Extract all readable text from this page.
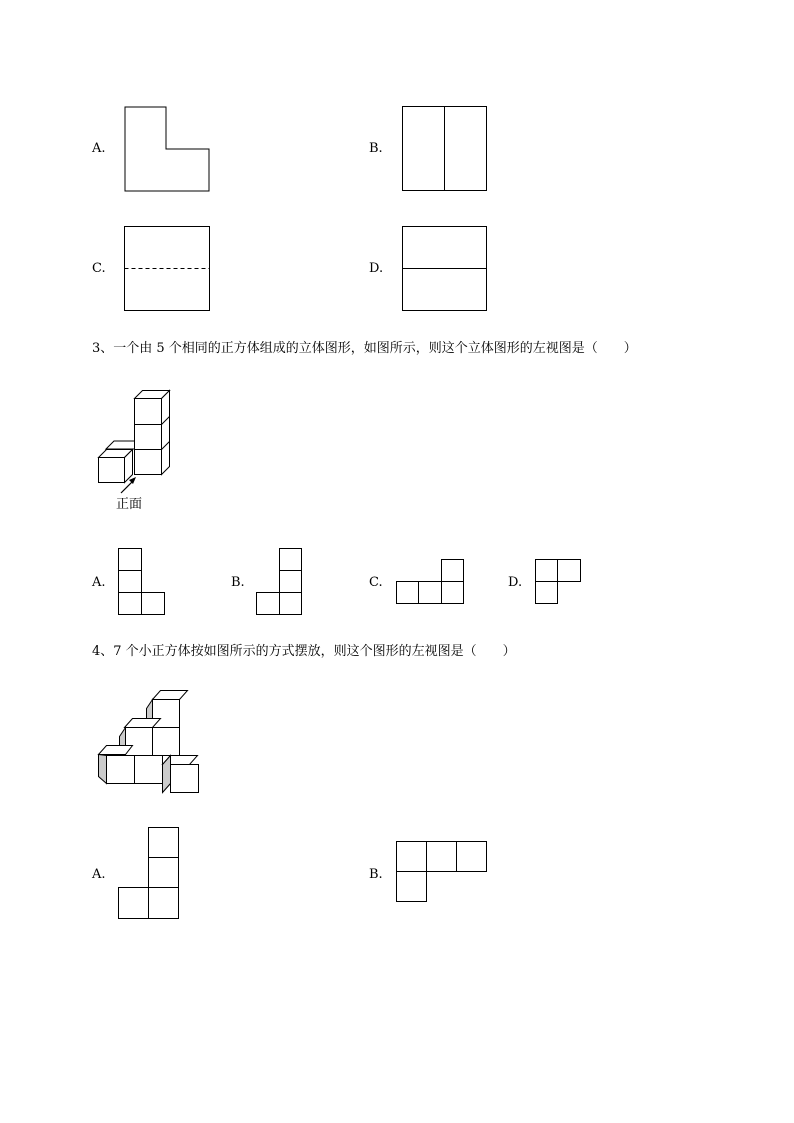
A.	B.
C.	D.
3、一个由 5 个相同的正方体组成的立体图形，如图所示，则这个立体图形的左视图是（　　）
正面
A.	B.	C.	D.
4、7 个小正方体按如图所示的方式摆放，则这个图形的左视图是（　　）
A.	B.
